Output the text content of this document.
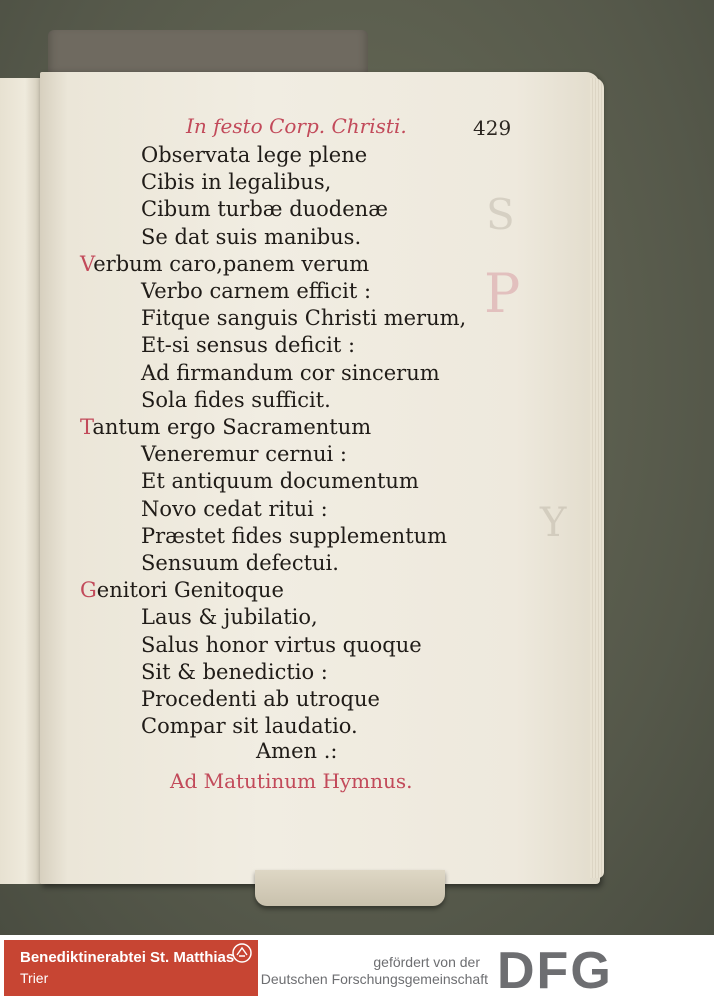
S
P
Y
In festo Corp. Christi.	429
Observata lege plene
Cibis in legalibus,
Cibum turbæ duodenæ
Se dat suis manibus.
Verbum caro,panem verum
Verbo carnem efficit :
Fitque sanguis Christi merum,
Et-si sensus deficit :
Ad firmandum cor sincerum
Sola fides sufficit.
Tantum ergo Sacramentum
Veneremur cernui :
Et antiquum documentum
Novo cedat ritui :
Præstet fides supplementum
Sensuum defectui.
Genitori Genitoque
Laus & jubilatio,
Salus honor virtus quoque
Sit & benedictio :
Procedenti ab utroque
Compar sit laudatio.
Amen .:
Ad Matutinum Hymnus.
Benediktinerabtei St. Matthias
Trier
gefördert von der
Deutschen Forschungsgemeinschaft DFG
